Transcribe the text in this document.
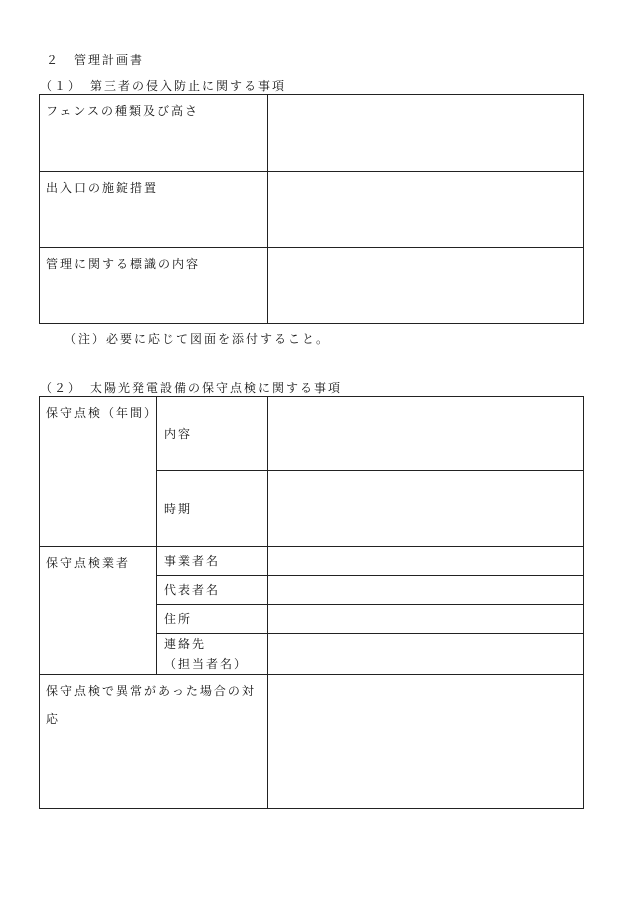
２　管理計画書
（１）　第三者の侵入防止に関する事項
フェンスの種類及び高さ	
出入口の施錠措置	
管理に関する標識の内容	
（注）必要に応じて図面を添付すること。
（２）　太陽光発電設備の保守点検に関する事項
保守点検（年間）	内容	
	時期	
保守点検業者	事業者名	
	代表者名	
	住所	

	連絡先
（担当者名）	

保守点検で異常があった場合の対
応		
